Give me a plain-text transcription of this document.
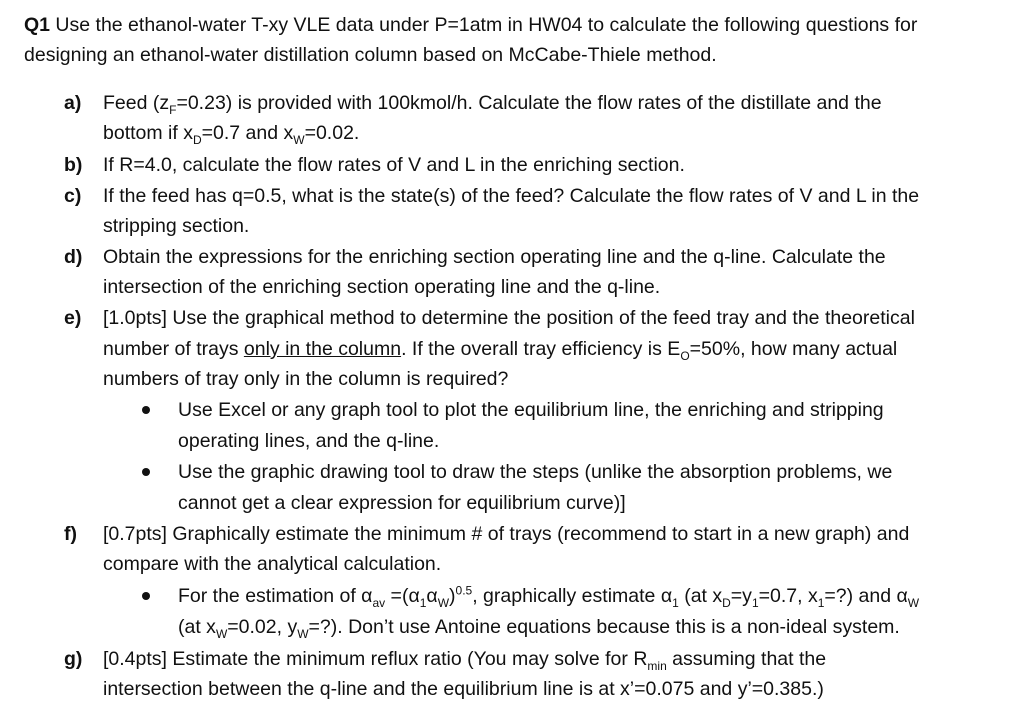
Q1 Use the ethanol-water T-xy VLE data under P=1atm in HW04 to calculate the following questions for
designing an ethanol-water distillation column based on McCabe-Thiele method.
a) Feed $(z_F=0.23)$ is provided with 100kmol/h. Calculate the flow rates of the distillate and the
bottom if $x_D=0.7$ and $x_W=0.02$.
b) If R=4.0, calculate the flow rates of V and L in the enriching section.
c) If the feed has q=0.5, what is the state(s) of the feed? Calculate the flow rates of V and L in the
stripping section.
d) Obtain the expressions for the enriching section operating line and the q-line. Calculate the
intersection of the enriching section operating line and the q-line.
e) [1.0pts] Use the graphical method to determine the position of the feed tray and the theoretical
number of trays only in the column. If the overall tray efficiency is $E_O=50\%$, how many actual
numbers of tray only in the column is required?
Use Excel or any graph tool to plot the equilibrium line, the enriching and stripping
operating lines, and the q-line.
Use the graphic drawing tool to draw the steps (unlike the absorption problems, we
cannot get a clear expression for equilibrium curve)]
f) [0.7pts] Graphically estimate the minimum # of trays (recommend to start in a new graph) and
compare with the analytical calculation.
For the estimation of $\alpha_{av} =(\alpha_1\alpha_W)^{0.5}$, graphically estimate $\alpha_1$ (at $x_D=y_1=0.7$, $x_1=$?) and $\alpha_W$
(at $x_W=0.02$, $y_W=$?). Don’t use Antoine equations because this is a non-ideal system.
g) [0.4pts] Estimate the minimum reflux ratio (You may solve for $R_{min}$ assuming that the
intersection between the q-line and the equilibrium line is at x’=0.075 and y’=0.385.)
